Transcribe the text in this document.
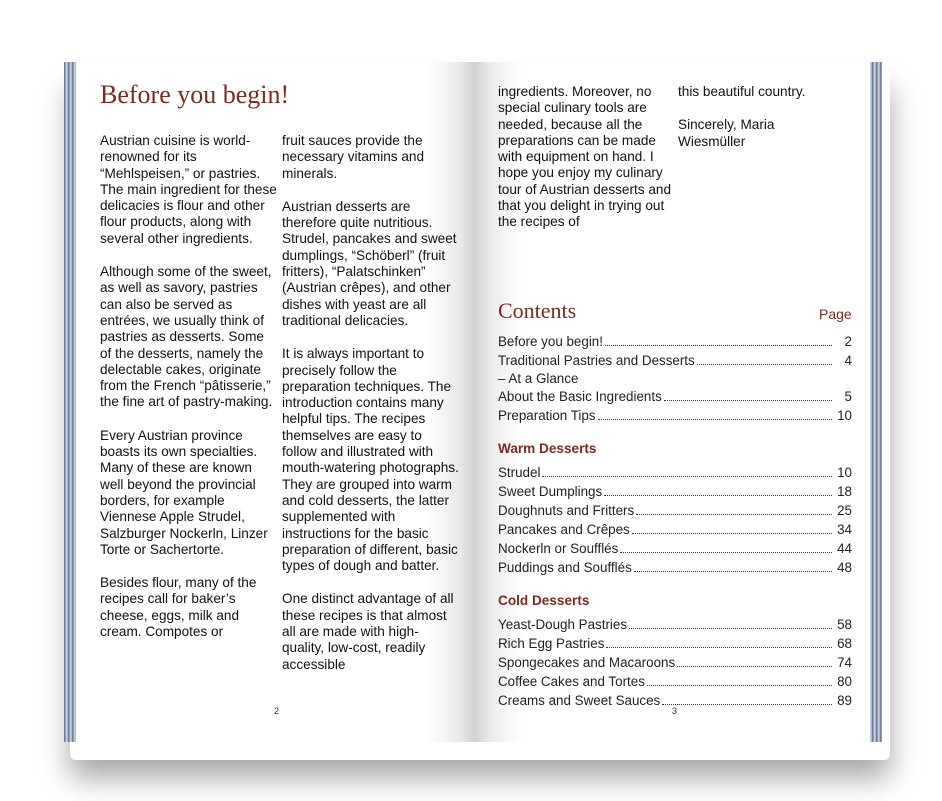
Before you begin!

Austrian cuisine is world-renowned for its “Mehlspeisen,” or pastries. The main ingredient for these delicacies is flour and other flour products, along with several other ingredients.

Although some of the sweet, as well as savory, pastries can also be served as entrées, we usually think of pastries as desserts. Some of the desserts, namely the delectable cakes, originate from the French “pâtisserie,” the fine art of pastry-making.

Every Austrian province boasts its own specialties. Many of these are known well beyond the provincial borders, for example Viennese Apple Strudel, Salzburger Nockerln, Linzer Torte or Sachertorte.

Besides flour, many of the recipes call for baker’s cheese, eggs, milk and cream. Compotes or

fruit sauces provide the necessary vitamins and minerals.

Austrian desserts are therefore quite nutritious. Strudel, pancakes and sweet dumplings, “Schöberl” (fruit fritters), “Palatschinken” (Austrian crêpes), and other dishes with yeast are all traditional delicacies.

It is always important to precisely follow the preparation techniques. The introduction contains many helpful tips. The recipes themselves are easy to follow and illustrated with mouth-watering photographs. They are grouped into warm and cold desserts, the latter supplemented with instructions for the basic preparation of different, basic types of dough and batter.

One distinct advantage of all these recipes is that almost all are made with high-quality, low-cost, readily accessible

2

ingredients. Moreover, no special culinary tools are needed, because all the preparations can be made with equipment on hand. I hope you enjoy my culinary tour of Austrian desserts and that you delight in trying out the recipes of

this beautiful country.

Sincerely, Maria Wiesmüller

Contents	Page
Before you begin!	2
Traditional Pastries and Desserts	4
– At a Glance
About the Basic Ingredients	5
Preparation Tips	10
Warm Desserts
Strudel	10
Sweet Dumplings	18
Doughnuts and Fritters	25
Pancakes and Crêpes	34
Nockerln or Soufflés	44
Puddings and Soufflés	48
Cold Desserts
Yeast-Dough Pastries	58
Rich Egg Pastries	68
Spongecakes and Macaroons	74
Coffee Cakes and Tortes	80
Creams and Sweet Sauces	89
3
